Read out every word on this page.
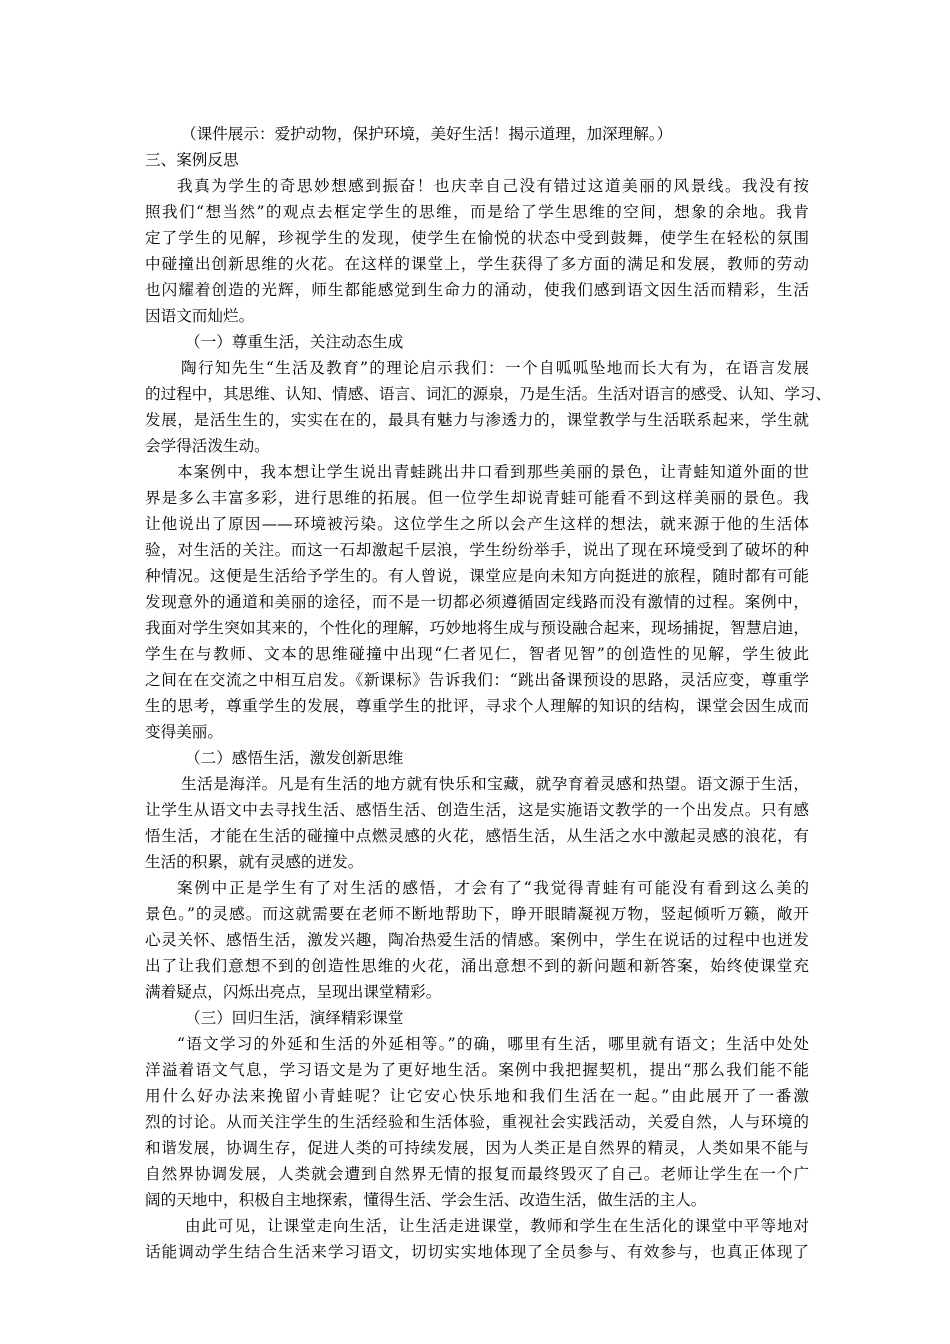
（课件展示：爱护动物，保护环境，美好生活！揭示道理，加深理解。）
三、案例反思
我真为学生的奇思妙想感到振奋！也庆幸自己没有错过这道美丽的风景线。我没有按
照我们“想当然”的观点去框定学生的思维，而是给了学生思维的空间，想象的余地。我肯
定了学生的见解，珍视学生的发现，使学生在愉悦的状态中受到鼓舞，使学生在轻松的氛围
中碰撞出创新思维的火花。在这样的课堂上，学生获得了多方面的满足和发展，教师的劳动
也闪耀着创造的光辉，师生都能感觉到生命力的涌动，使我们感到语文因生活而精彩，生活
因语文而灿烂。
（一）尊重生活，关注动态生成
陶行知先生“生活及教育”的理论启示我们：一个自呱呱坠地而长大有为，在语言发展
的过程中，其思维、认知、情感、语言、词汇的源泉，乃是生活。生活对语言的感受、认知、学习、
发展，是活生生的，实实在在的，最具有魅力与渗透力的，课堂教学与生活联系起来，学生就
会学得活泼生动。
本案例中，我本想让学生说出青蛙跳出井口看到那些美丽的景色，让青蛙知道外面的世
界是多么丰富多彩，进行思维的拓展。但一位学生却说青蛙可能看不到这样美丽的景色。我
让他说出了原因——环境被污染。这位学生之所以会产生这样的想法，就来源于他的生活体
验，对生活的关注。而这一石却激起千层浪，学生纷纷举手，说出了现在环境受到了破坏的种
种情况。这便是生活给予学生的。有人曾说，课堂应是向未知方向挺进的旅程，随时都有可能
发现意外的通道和美丽的途径，而不是一切都必须遵循固定线路而没有激情的过程。案例中，
我面对学生突如其来的，个性化的理解，巧妙地将生成与预设融合起来，现场捕捉，智慧启迪，
学生在与教师、文本的思维碰撞中出现“仁者见仁，智者见智”的创造性的见解，学生彼此
之间在在交流之中相互启发。《新课标》告诉我们：“跳出备课预设的思路，灵活应变，尊重学
生的思考，尊重学生的发展，尊重学生的批评，寻求个人理解的知识的结构，课堂会因生成而
变得美丽。
（二）感悟生活，激发创新思维
生活是海洋。凡是有生活的地方就有快乐和宝藏，就孕育着灵感和热望。语文源于生活，
让学生从语文中去寻找生活、感悟生活、创造生活，这是实施语文教学的一个出发点。只有感
悟生活，才能在生活的碰撞中点燃灵感的火花，感悟生活，从生活之水中激起灵感的浪花，有
生活的积累，就有灵感的迸发。
案例中正是学生有了对生活的感悟，才会有了“我觉得青蛙有可能没有看到这么美的
景色。”的灵感。而这就需要在老师不断地帮助下，睁开眼睛凝视万物，竖起倾听万籁，敞开
心灵关怀、感悟生活，激发兴趣，陶冶热爱生活的情感。案例中，学生在说话的过程中也迸发
出了让我们意想不到的创造性思维的火花，涌出意想不到的新问题和新答案，始终使课堂充
满着疑点，闪烁出亮点，呈现出课堂精彩。
（三）回归生活，演绎精彩课堂
“语文学习的外延和生活的外延相等。”的确，哪里有生活，哪里就有语文；生活中处处
洋溢着语文气息，学习语文是为了更好地生活。案例中我把握契机，提出“那么我们能不能
用什么好办法来挽留小青蛙呢？让它安心快乐地和我们生活在一起。”由此展开了一番激
烈的讨论。从而关注学生的生活经验和生活体验，重视社会实践活动，关爱自然，人与环境的
和谐发展，协调生存，促进人类的可持续发展，因为人类正是自然界的精灵，人类如果不能与
自然界协调发展，人类就会遭到自然界无情的报复而最终毁灭了自己。老师让学生在一个广
阔的天地中，积极自主地探索，懂得生活、学会生活、改造生活，做生活的主人。
由此可见，让课堂走向生活，让生活走进课堂，教师和学生在生活化的课堂中平等地对
话能调动学生结合生活来学习语文，切切实实地体现了全员参与、有效参与，也真正体现了
